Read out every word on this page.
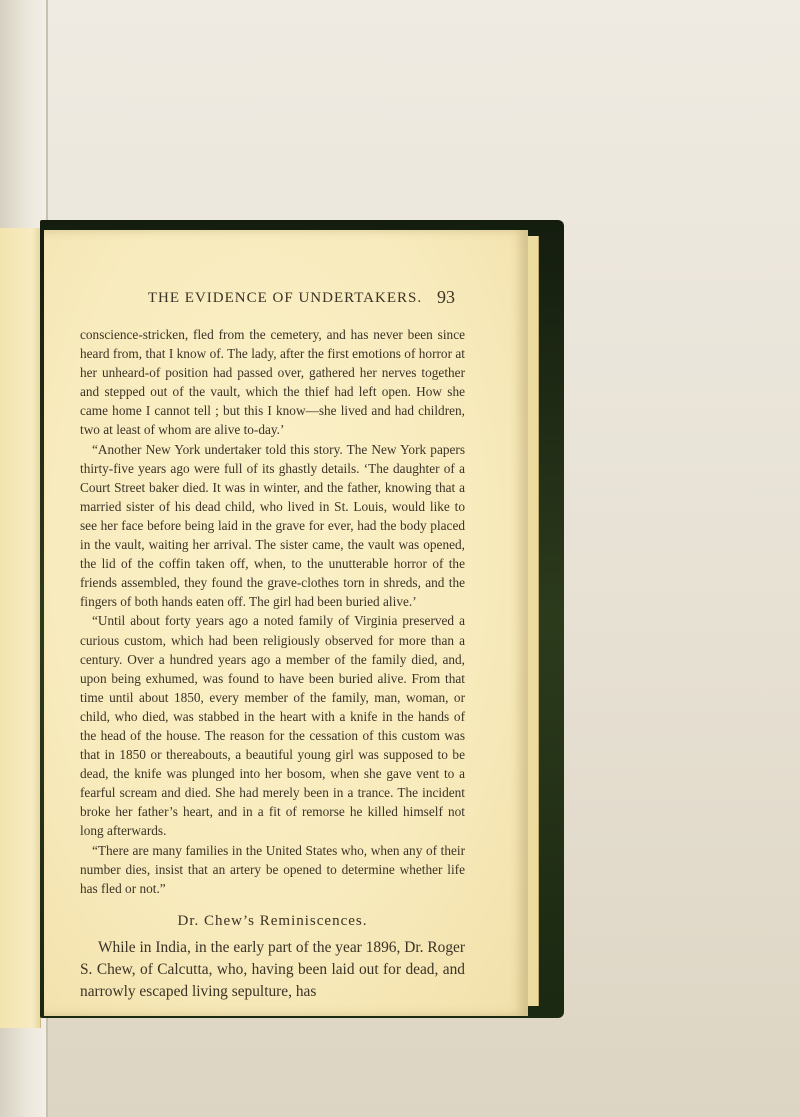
THE EVIDENCE OF UNDERTAKERS. 93

conscience-stricken, fled from the cemetery, and has never been since heard from, that I know of. The lady, after the first emotions of horror at her unheard-of position had passed over, gathered her nerves together and stepped out of the vault, which the thief had left open. How she came home I cannot tell ; but this I know—she lived and had children, two at least of whom are alive to-day.’

“Another New York undertaker told this story. The New York papers thirty-five years ago were full of its ghastly details. ‘The daughter of a Court Street baker died. It was in winter, and the father, knowing that a married sister of his dead child, who lived in St. Louis, would like to see her face before being laid in the grave for ever, had the body placed in the vault, waiting her arrival. The sister came, the vault was opened, the lid of the coffin taken off, when, to the unutterable horror of the friends assembled, they found the grave-clothes torn in shreds, and the fingers of both hands eaten off. The girl had been buried alive.’

“Until about forty years ago a noted family of Virginia preserved a curious custom, which had been religiously observed for more than a century. Over a hundred years ago a member of the family died, and, upon being exhumed, was found to have been buried alive. From that time until about 1850, every member of the family, man, woman, or child, who died, was stabbed in the heart with a knife in the hands of the head of the house. The reason for the cessation of this custom was that in 1850 or thereabouts, a beautiful young girl was supposed to be dead, the knife was plunged into her bosom, when she gave vent to a fearful scream and died. She had merely been in a trance. The incident broke her father’s heart, and in a fit of remorse he killed himself not long afterwards.

“There are many families in the United States who, when any of their number dies, insist that an artery be opened to determine whether life has fled or not.”

Dr. Chew’s Reminiscences.

While in India, in the early part of the year 1896, Dr. Roger S. Chew, of Calcutta, who, having been laid out for dead, and narrowly escaped living sepulture, has
